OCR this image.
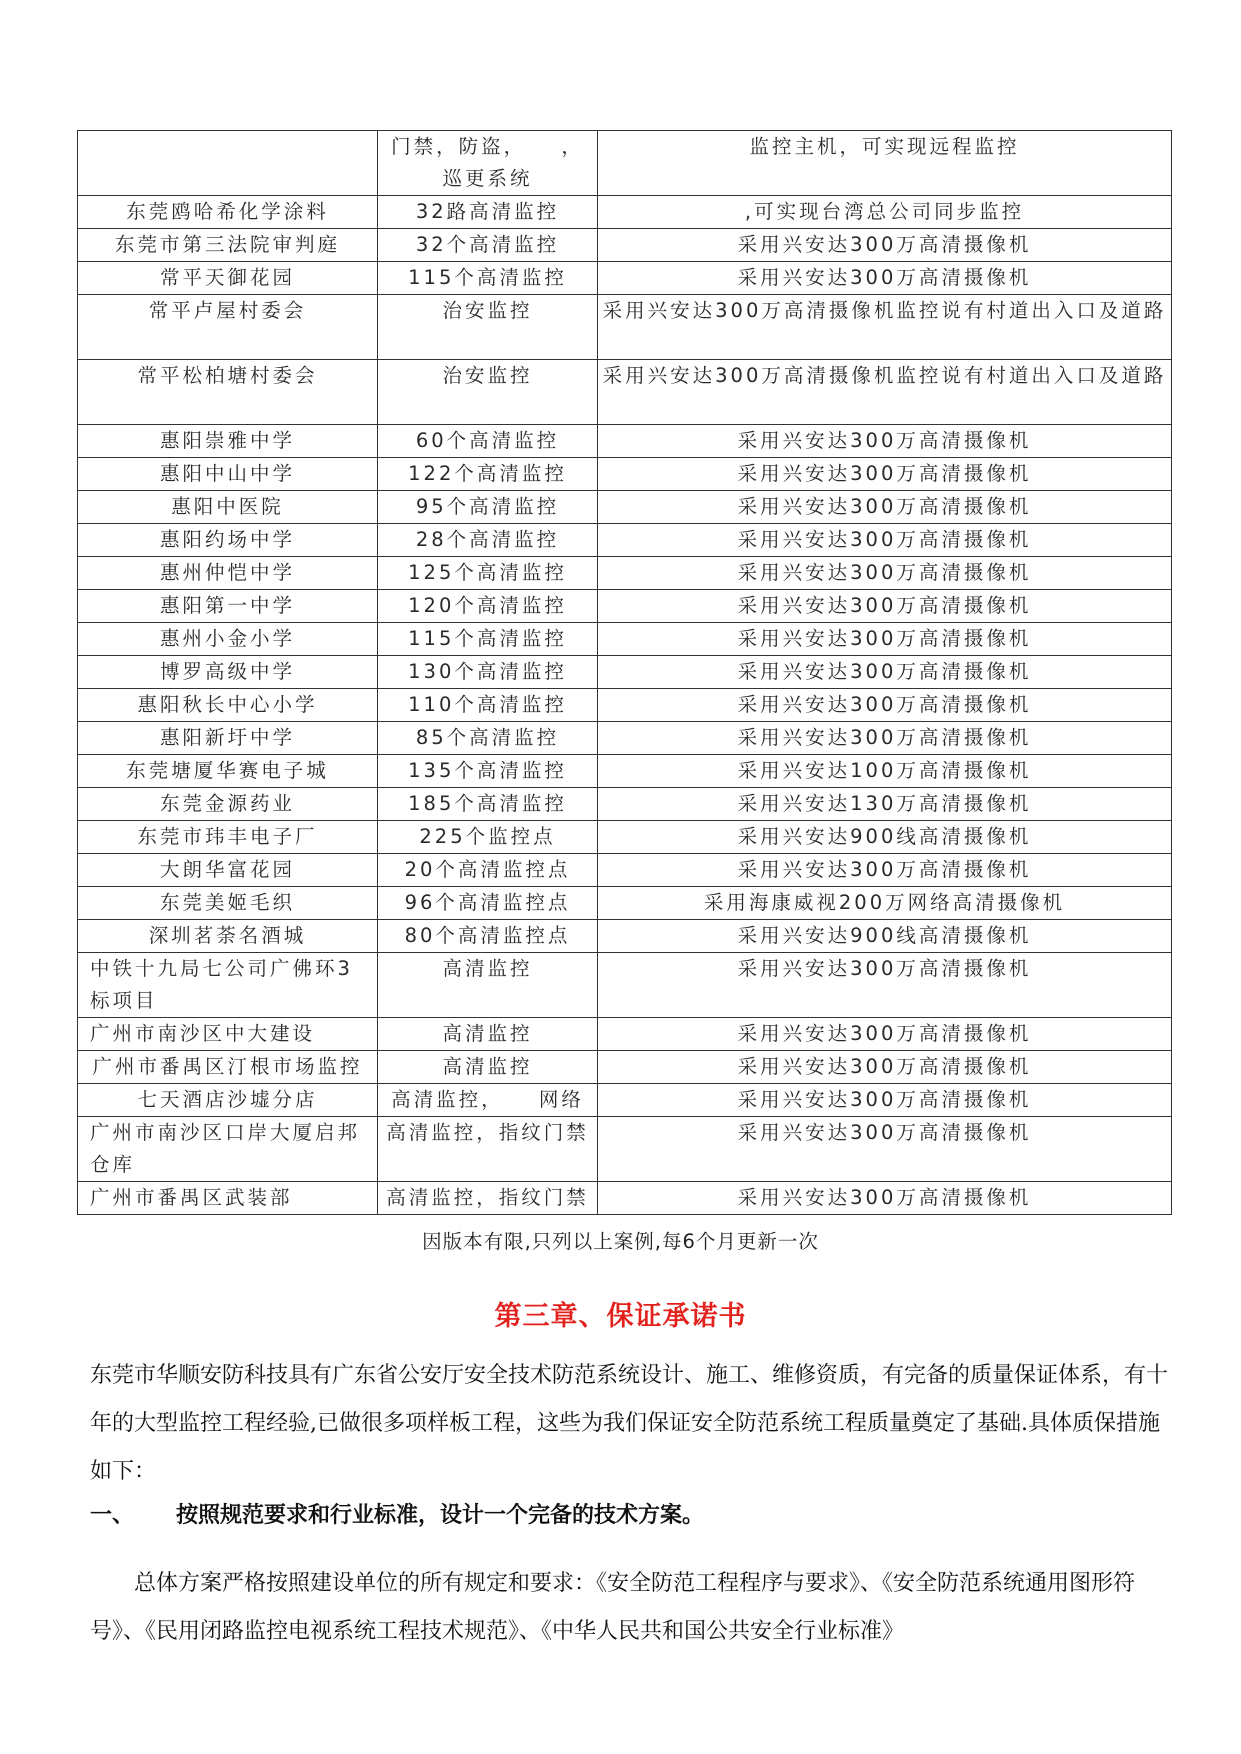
	门禁，防盗，　　，巡更系统	监控主机，可实现远程监控
东莞鸥哈希化学涂料	32路高清监控	,可实现台湾总公司同步监控
东莞市第三法院审判庭	32个高清监控	采用兴安达300万高清摄像机
常平天御花园	115个高清监控	采用兴安达300万高清摄像机
常平卢屋村委会	治安监控	采用兴安达300万高清摄像机监控说有村道出入口及道路
常平松柏塘村委会	治安监控	采用兴安达300万高清摄像机监控说有村道出入口及道路
惠阳崇雅中学	60个高清监控	采用兴安达300万高清摄像机
惠阳中山中学	122个高清监控	采用兴安达300万高清摄像机
惠阳中医院	95个高清监控	采用兴安达300万高清摄像机
惠阳约场中学	28个高清监控	采用兴安达300万高清摄像机
惠州仲恺中学	125个高清监控	采用兴安达300万高清摄像机
惠阳第一中学	120个高清监控	采用兴安达300万高清摄像机
惠州小金小学	115个高清监控	采用兴安达300万高清摄像机
博罗高级中学	130个高清监控	采用兴安达300万高清摄像机
惠阳秋长中心小学	110个高清监控	采用兴安达300万高清摄像机
惠阳新圩中学	85个高清监控	采用兴安达300万高清摄像机
东莞塘厦华赛电子城	135个高清监控	采用兴安达100万高清摄像机
东莞金源药业	185个高清监控	采用兴安达130万高清摄像机
东莞市玮丰电子厂	225个监控点	采用兴安达900线高清摄像机
大朗华富花园	20个高清监控点	采用兴安达300万高清摄像机
东莞美姬毛织	96个高清监控点	采用海康威视200万网络高清摄像机
深圳茗荼名酒城	80个高清监控点	采用兴安达900线高清摄像机
中铁十九局七公司广佛环3标项目	高清监控	采用兴安达300万高清摄像机
广州市南沙区中大建设	高清监控	采用兴安达300万高清摄像机
广州市番禺区汀根市场监控	高清监控	采用兴安达300万高清摄像机
七天酒店沙墟分店	高清监控，　　网络	采用兴安达300万高清摄像机
广州市南沙区口岸大厦启邦仓库	高清监控，指纹门禁	采用兴安达300万高清摄像机
广州市番禺区武装部	高清监控，指纹门禁	采用兴安达300万高清摄像机
因版本有限,只列以上案例,每6个月更新一次
第三章、保证承诺书

东莞市华顺安防科技具有广东省公安厅安全技术防范系统设计、施工、维修资质，有完备的质量保证体系，有十年的大型监控工程经验,已做很多项样板工程，这些为我们保证安全防范系统工程质量奠定了基础.具体质保措施如下：

一、 按照规范要求和行业标准，设计一个完备的技术方案。

总体方案严格按照建设单位的所有规定和要求：《安全防范工程程序与要求》、《安全防范系统通用图形符号》、《民用闭路监控电视系统工程技术规范》、《中华人民共和国公共安全行业标准》
